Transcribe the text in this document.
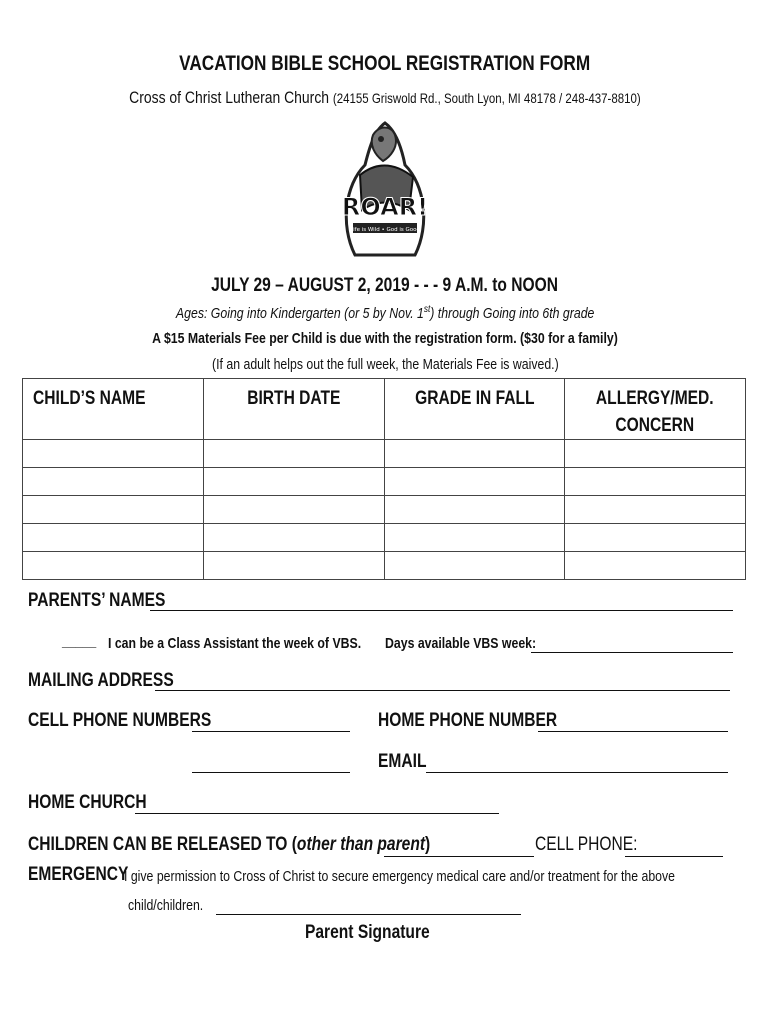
VACATION BIBLE SCHOOL REGISTRATION FORM
Cross of Christ Lutheran Church (24155 Griswold Rd., South Lyon, MI 48178 / 248-437-8810)
ROAR!
Life is Wild • God is Good
JULY 29 – AUGUST 2, 2019 - - - 9 A.M. to NOON
Ages: Going into Kindergarten (or 5 by Nov. 1st) through Going into 6th grade
A $15 Materials Fee per Child is due with the registration form. ($30 for a family)
(If an adult helps out the full week, the Materials Fee is waived.)
CHILD’S NAME	BIRTH DATE	GRADE IN FALL	ALLERGY/MED.
CONCERN

PARENTS’ NAMES
_____ I can be a Class Assistant the week of VBS. Days available VBS week:
MAILING ADDRESS
CELL PHONE NUMBERS	HOME PHONE NUMBER
EMAIL
HOME CHURCH
CHILDREN CAN BE RELEASED TO (other than parent)	CELL PHONE:
EMERGENCY
I give permission to Cross of Christ to secure emergency medical care and/or treatment for the above
child/children.
Parent Signature
